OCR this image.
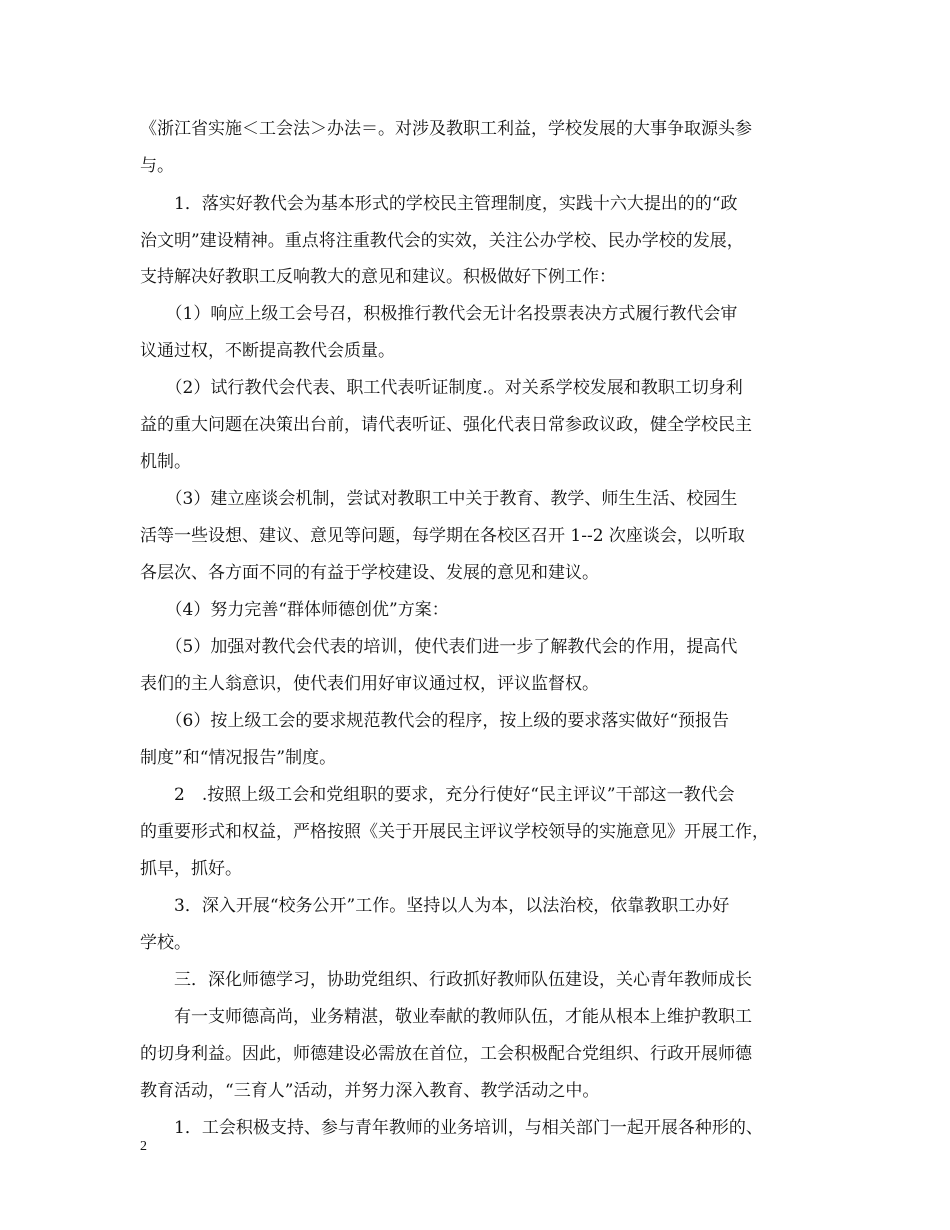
《浙江省实施＜工会法＞办法＝。对涉及教职工利益，学校发展的大事争取源头参

与。

　　1．落实好教代会为基本形式的学校民主管理制度，实践十六大提出的的“政

治文明”建设精神。重点将注重教代会的实效，关注公办学校、民办学校的发展，

支持解决好教职工反响教大的意见和建议。积极做好下例工作：

　　（1）响应上级工会号召，积极推行教代会无计名投票表决方式履行教代会审

议通过权，不断提高教代会质量。

　　（2）试行教代会代表、职工代表听证制度.。对关系学校发展和教职工切身利

益的重大问题在决策出台前，请代表听证、强化代表日常参政议政，健全学校民主

机制。

　　（3）建立座谈会机制，尝试对教职工中关于教育、教学、师生生活、校园生

活等一些设想、建议、意见等问题，每学期在各校区召开 1--2 次座谈会，以听取

各层次、各方面不同的有益于学校建设、发展的意见和建议。

　　（4）努力完善“群体师德创优”方案：

　　（5）加强对教代会代表的培训，使代表们进一步了解教代会的作用，提高代

表们的主人翁意识，使代表们用好审议通过权，评议监督权。

　　（6）按上级工会的要求规范教代会的程序，按上级的要求落实做好“预报告

制度”和“情况报告”制度。

　　2　.按照上级工会和党组职的要求，充分行使好“民主评议”干部这一教代会

的重要形式和权益，严格按照《关于开展民主评议学校领导的实施意见》开展工作，

抓早，抓好。

　　3．深入开展“校务公开”工作。坚持以人为本，以法治校，依靠教职工办好

学校。

　　三．深化师德学习，协助党组织、行政抓好教师队伍建设，关心青年教师成长

　　有一支师德高尚，业务精湛，敬业奉献的教师队伍，才能从根本上维护教职工

的切身利益。因此，师德建设必需放在首位，工会积极配合党组织、行政开展师德

教育活动，“三育人”活动，并努力深入教育、教学活动之中。

　　1．工会积极支持、参与青年教师的业务培训，与相关部门一起开展各种形的、

2
